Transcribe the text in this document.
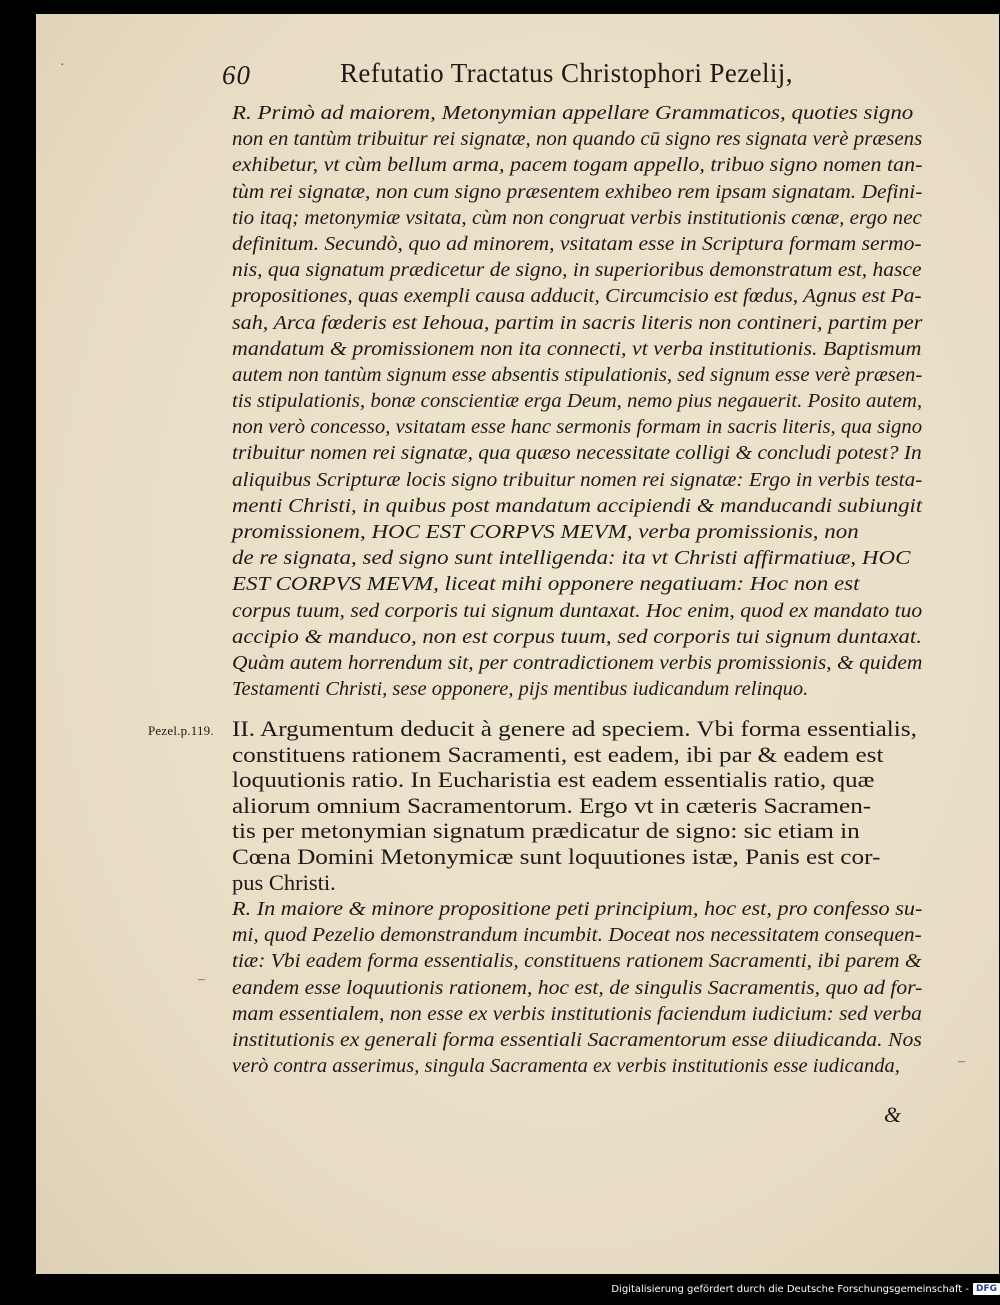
60	Refutatio Tractatus Christophori Pezelij,
R. Primò ad maiorem, Metonymian appellare Grammaticos, quoties signo
non en tantùm tribuitur rei signatæ, non quando cū signo res signata verè præsens
exhibetur, vt cùm bellum arma, pacem togam appello, tribuo signo nomen tan-
tùm rei signatæ, non cum signo præsentem exhibeo rem ipsam signatam. Defini-
tio itaq; metonymiæ vsitata, cùm non congruat verbis institutionis cœnæ, ergo nec
definitum. Secundò, quo ad minorem, vsitatam esse in Scriptura formam sermo-
nis, qua signatum prædicetur de signo, in superioribus demonstratum est, hasce
propositiones, quas exempli causa adducit, Circumcisio est fœdus, Agnus est Pa-
sah, Arca fœderis est Iehoua, partim in sacris literis non contineri, partim per
mandatum & promissionem non ita connecti, vt verba institutionis. Baptismum
autem non tantùm signum esse absentis stipulationis, sed signum esse verè præsen-
tis stipulationis, bonæ conscientiæ erga Deum, nemo pius negauerit. Posito autem,
non verò concesso, vsitatam esse hanc sermonis formam in sacris literis, qua signo
tribuitur nomen rei signatæ, qua quæso necessitate colligi & concludi potest? In
aliquibus Scripturæ locis signo tribuitur nomen rei signatæ: Ergo in verbis testa-
menti Christi, in quibus post mandatum accipiendi & manducandi subiungit
promissionem, HOC EST CORPVS MEVM, verba promissionis, non
de re signata, sed signo sunt intelligenda: ita vt Christi affirmatiuæ, HOC
EST CORPVS MEVM, liceat mihi opponere negatiuam: Hoc non est
corpus tuum, sed corporis tui signum duntaxat. Hoc enim, quod ex mandato tuo
accipio & manduco, non est corpus tuum, sed corporis tui signum duntaxat.
Quàm autem horrendum sit, per contradictionem verbis promissionis, & quidem
Testamenti Christi, sese opponere, pijs mentibus iudicandum relinquo.
Pezel.p.119. II. Argumentum deducit à genere ad speciem. Vbi forma essentialis,
constituens rationem Sacramenti, est eadem, ibi par & eadem est
loquutionis ratio. In Eucharistia est eadem essentialis ratio, quæ
aliorum omnium Sacramentorum. Ergo vt in cæteris Sacramen-
tis per metonymian signatum prædicatur de signo: sic etiam in
Cœna Domini Metonymicæ sunt loquutiones istæ, Panis est cor-
pus Christi.
R. In maiore & minore propositione peti principium, hoc est, pro confesso su-
mi, quod Pezelio demonstrandum incumbit. Doceat nos necessitatem consequen-
tiæ: Vbi eadem forma essentialis, constituens rationem Sacramenti, ibi parem &
eandem esse loquutionis rationem, hoc est, de singulis Sacramentis, quo ad for-
mam essentialem, non esse ex verbis institutionis faciendum iudicium: sed verba
institutionis ex generali forma essentiali Sacramentorum esse diiudicanda. Nos
verò contra asserimus, singula Sacramenta ex verbis institutionis esse iudicanda,
&
·
–
–
Digitalisierung gefördert durch die Deutsche Forschungsgemeinschaft - DFG
